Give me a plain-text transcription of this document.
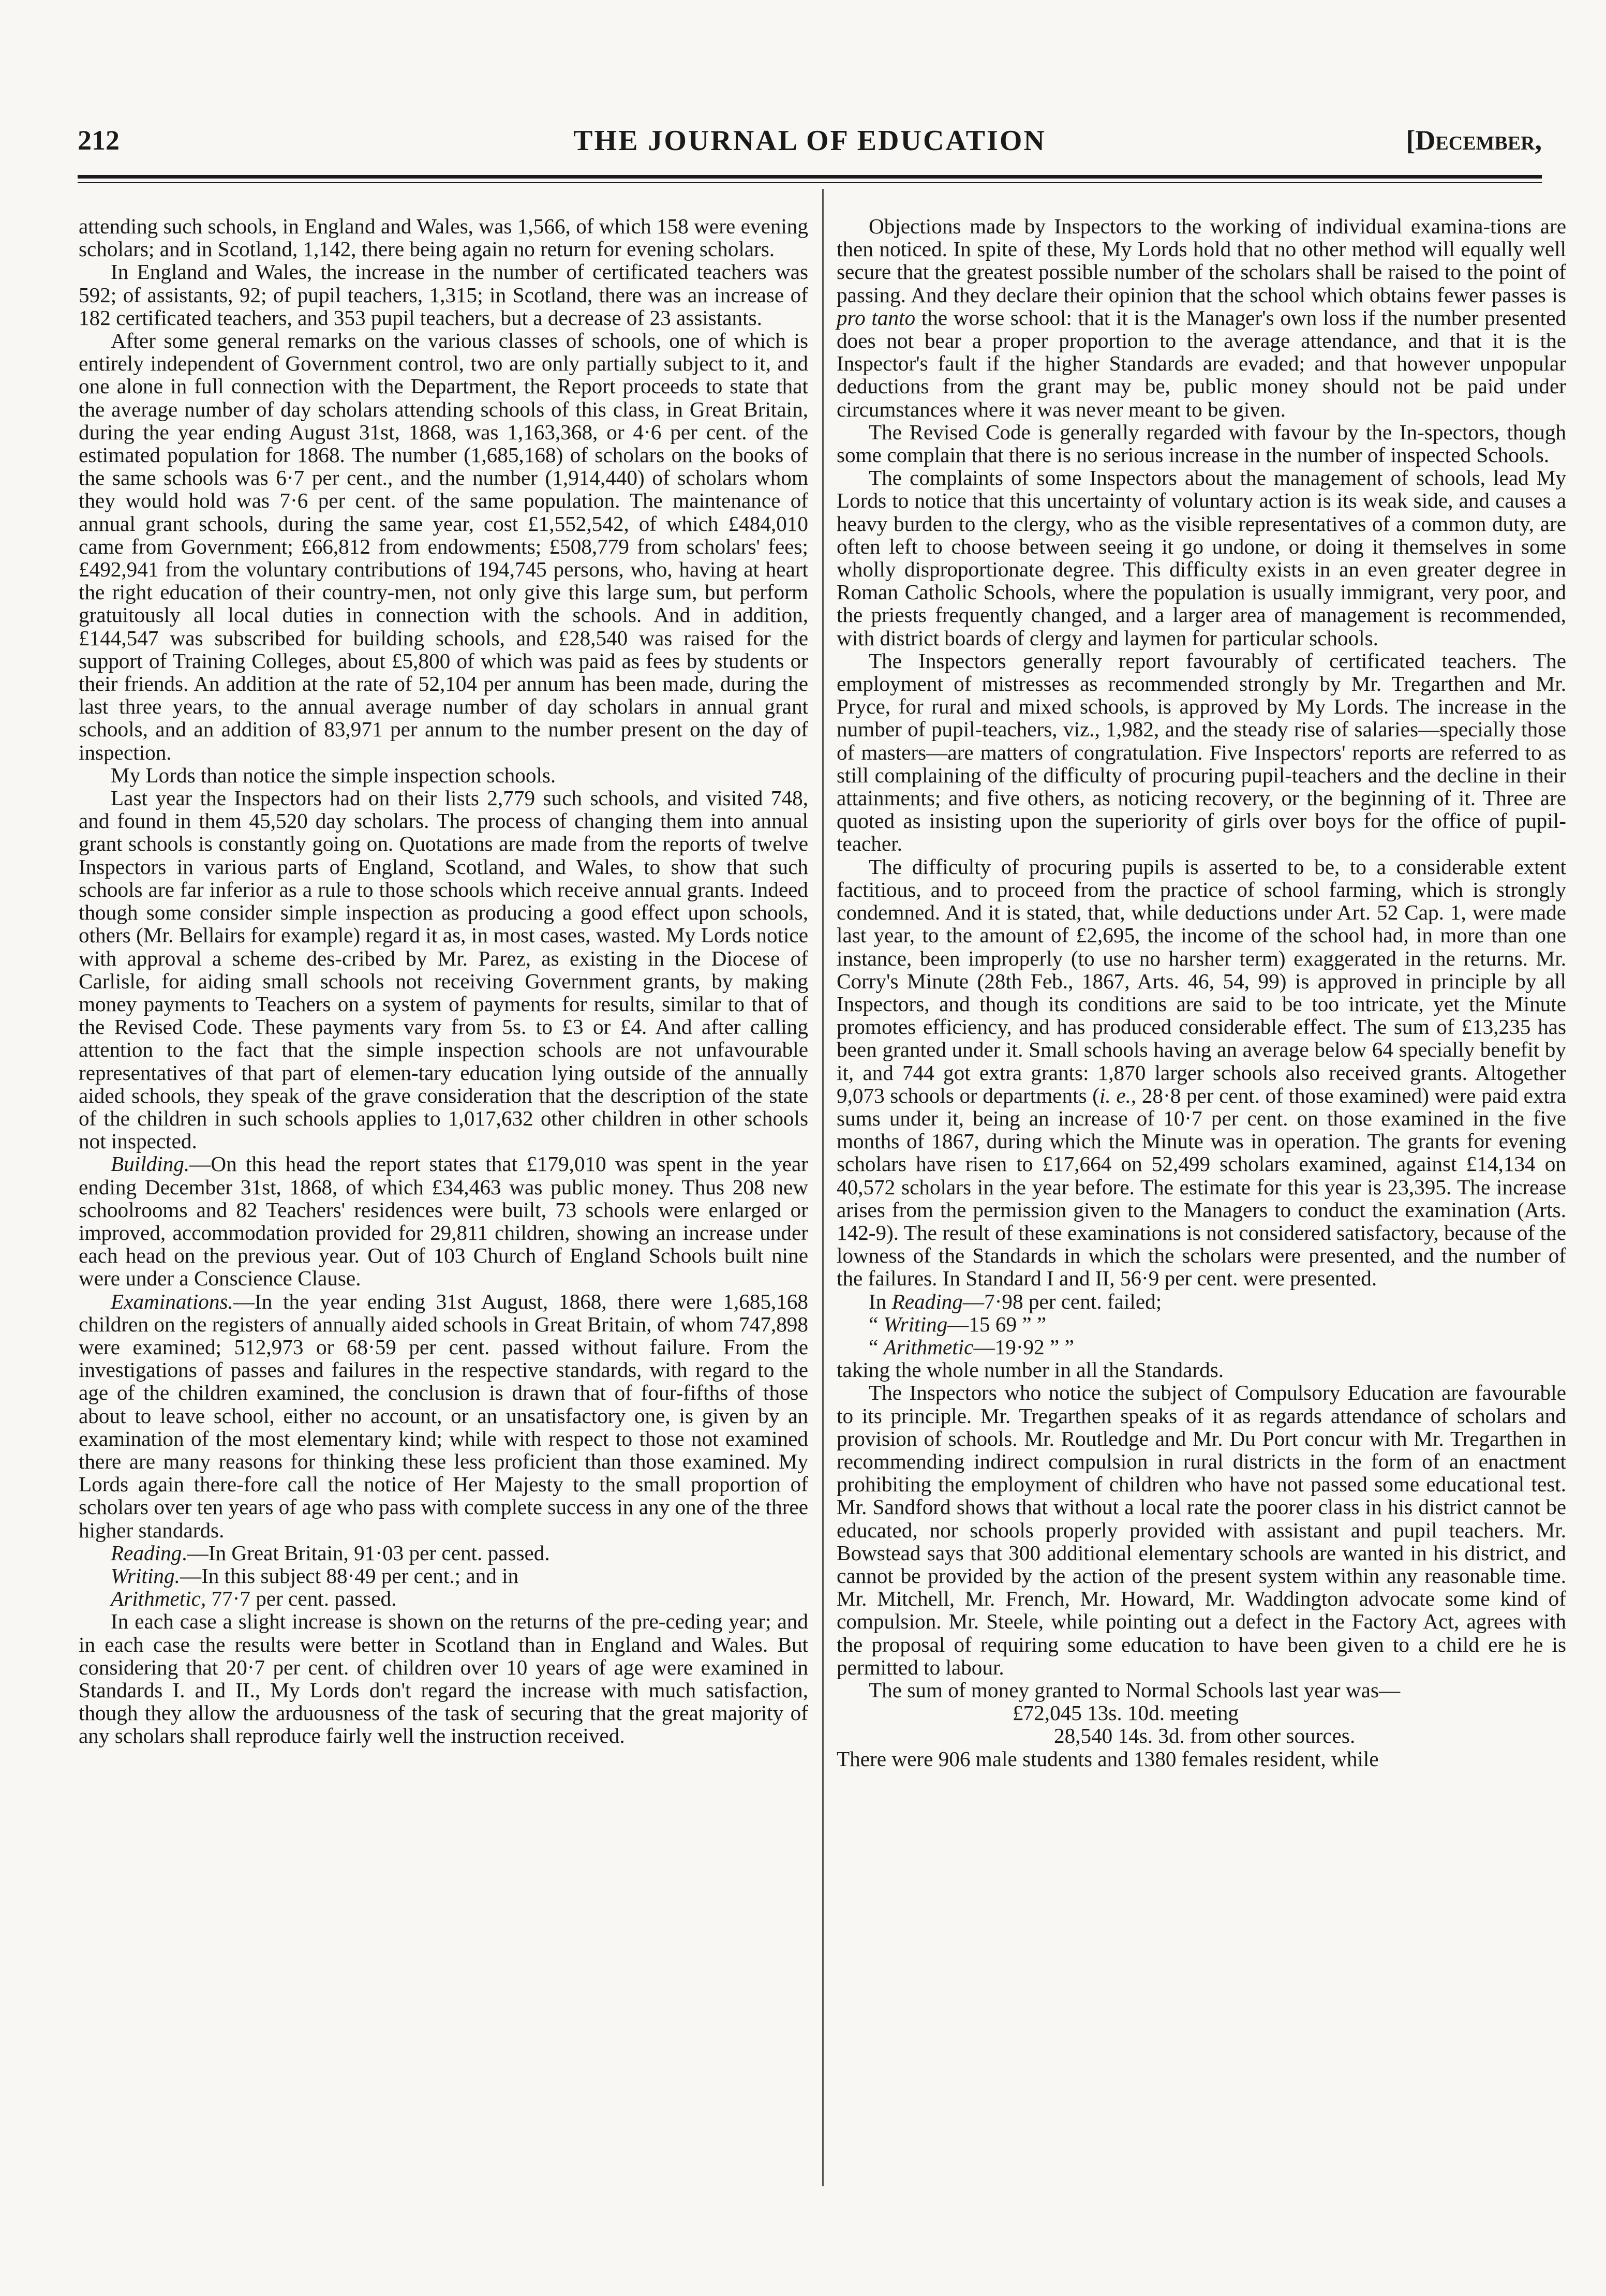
212	THE JOURNAL OF EDUCATION	[December,

attending such schools, in England and Wales, was 1,566, of which 158 were evening scholars; and in Scotland, 1,142, there being again no return for evening scholars.

In England and Wales, the increase in the number of certificated teachers was 592; of assistants, 92; of pupil teachers, 1,315; in Scotland, there was an increase of 182 certificated teachers, and 353 pupil teachers, but a decrease of 23 assistants.

After some general remarks on the various classes of schools, one of which is entirely independent of Government control, two are only partially subject to it, and one alone in full connection with the Department, the Report proceeds to state that the average number of day scholars attending schools of this class, in Great Britain, during the year ending August 31st, 1868, was 1,163,368, or 4·6 per cent. of the estimated population for 1868. The number (1,685,168) of scholars on the books of the same schools was 6·7 per cent., and the number (1,914,440) of scholars whom they would hold was 7·6 per cent. of the same population. The maintenance of annual grant schools, during the same year, cost £1,552,542, of which £484,010 came from Government; £66,812 from endowments; £508,779 from scholars' fees; £492,941 from the voluntary contributions of 194,745 persons, who, having at heart the right education of their country-men, not only give this large sum, but perform gratuitously all local duties in connection with the schools. And in addition, £144,547 was subscribed for building schools, and £28,540 was raised for the support of Training Colleges, about £5,800 of which was paid as fees by students or their friends. An addition at the rate of 52,104 per annum has been made, during the last three years, to the annual average number of day scholars in annual grant schools, and an addition of 83,971 per annum to the number present on the day of inspection.

My Lords than notice the simple inspection schools.

Last year the Inspectors had on their lists 2,779 such schools, and visited 748, and found in them 45,520 day scholars. The process of changing them into annual grant schools is constantly going on. Quotations are made from the reports of twelve Inspectors in various parts of England, Scotland, and Wales, to show that such schools are far inferior as a rule to those schools which receive annual grants. Indeed though some consider simple inspection as producing a good effect upon schools, others (Mr. Bellairs for example) regard it as, in most cases, wasted. My Lords notice with approval a scheme des-cribed by Mr. Parez, as existing in the Diocese of Carlisle, for aiding small schools not receiving Government grants, by making money payments to Teachers on a system of payments for results, similar to that of the Revised Code. These payments vary from 5s. to £3 or £4. And after calling attention to the fact that the simple inspection schools are not unfavourable representatives of that part of elemen-tary education lying outside of the annually aided schools, they speak of the grave consideration that the description of the state of the children in such schools applies to 1,017,632 other children in other schools not inspected.

Building.—On this head the report states that £179,010 was spent in the year ending December 31st, 1868, of which £34,463 was public money. Thus 208 new schoolrooms and 82 Teachers' residences were built, 73 schools were enlarged or improved, accommodation provided for 29,811 children, showing an increase under each head on the previous year. Out of 103 Church of England Schools built nine were under a Conscience Clause.

Examinations.—In the year ending 31st August, 1868, there were 1,685,168 children on the registers of annually aided schools in Great Britain, of whom 747,898 were examined; 512,973 or 68·59 per cent. passed without failure. From the investigations of passes and failures in the respective standards, with regard to the age of the children examined, the conclusion is drawn that of four-fifths of those about to leave school, either no account, or an unsatisfactory one, is given by an examination of the most elementary kind; while with respect to those not examined there are many reasons for thinking these less proficient than those examined. My Lords again there-fore call the notice of Her Majesty to the small proportion of scholars over ten years of age who pass with complete success in any one of the three higher standards.

Reading.—In Great Britain, 91·03 per cent. passed.

Writing.—In this subject 88·49 per cent.; and in

Arithmetic, 77·7 per cent. passed.

In each case a slight increase is shown on the returns of the pre-ceding year; and in each case the results were better in Scotland than in England and Wales. But considering that 20·7 per cent. of children over 10 years of age were examined in Standards I. and II., My Lords don't regard the increase with much satisfaction, though they allow the arduousness of the task of securing that the great majority of any scholars shall reproduce fairly well the instruction received.

Objections made by Inspectors to the working of individual examina-tions are then noticed. In spite of these, My Lords hold that no other method will equally well secure that the greatest possible number of the scholars shall be raised to the point of passing. And they declare their opinion that the school which obtains fewer passes is pro tanto the worse school: that it is the Manager's own loss if the number presented does not bear a proper proportion to the average attendance, and that it is the Inspector's fault if the higher Standards are evaded; and that however unpopular deductions from the grant may be, public money should not be paid under circumstances where it was never meant to be given.

The Revised Code is generally regarded with favour by the In-spectors, though some complain that there is no serious increase in the number of inspected Schools.

The complaints of some Inspectors about the management of schools, lead My Lords to notice that this uncertainty of voluntary action is its weak side, and causes a heavy burden to the clergy, who as the visible representatives of a common duty, are often left to choose between seeing it go undone, or doing it themselves in some wholly disproportionate degree. This difficulty exists in an even greater degree in Roman Catholic Schools, where the population is usually immigrant, very poor, and the priests frequently changed, and a larger area of management is recommended, with district boards of clergy and laymen for particular schools.

The Inspectors generally report favourably of certificated teachers. The employment of mistresses as recommended strongly by Mr. Tregarthen and Mr. Pryce, for rural and mixed schools, is approved by My Lords. The increase in the number of pupil-teachers, viz., 1,982, and the steady rise of salaries—specially those of masters—are matters of congratulation. Five Inspectors' reports are referred to as still complaining of the difficulty of procuring pupil-teachers and the decline in their attainments; and five others, as noticing recovery, or the beginning of it. Three are quoted as insisting upon the superiority of girls over boys for the office of pupil-teacher.

The difficulty of procuring pupils is asserted to be, to a considerable extent factitious, and to proceed from the practice of school farming, which is strongly condemned. And it is stated, that, while deductions under Art. 52 Cap. 1, were made last year, to the amount of £2,695, the income of the school had, in more than one instance, been improperly (to use no harsher term) exaggerated in the returns. Mr. Corry's Minute (28th Feb., 1867, Arts. 46, 54, 99) is approved in principle by all Inspectors, and though its conditions are said to be too intricate, yet the Minute promotes efficiency, and has produced considerable effect. The sum of £13,235 has been granted under it. Small schools having an average below 64 specially benefit by it, and 744 got extra grants: 1,870 larger schools also received grants. Altogether 9,073 schools or departments (i. e., 28·8 per cent. of those examined) were paid extra sums under it, being an increase of 10·7 per cent. on those examined in the five months of 1867, during which the Minute was in operation. The grants for evening scholars have risen to £17,664 on 52,499 scholars examined, against £14,134 on 40,572 scholars in the year before. The estimate for this year is 23,395. The increase arises from the permission given to the Managers to conduct the examination (Arts. 142-9). The result of these examinations is not considered satisfactory, because of the lowness of the Standards in which the scholars were presented, and the number of the failures. In Standard I and II, 56·9 per cent. were presented.

In Reading—7·98 per cent. failed;

“ Writing—15 69 ” ”

“ Arithmetic—19·92 ” ”

taking the whole number in all the Standards.

The Inspectors who notice the subject of Compulsory Education are favourable to its principle. Mr. Tregarthen speaks of it as regards attendance of scholars and provision of schools. Mr. Routledge and Mr. Du Port concur with Mr. Tregarthen in recommending indirect compulsion in rural districts in the form of an enactment prohibiting the employment of children who have not passed some educational test. Mr. Sandford shows that without a local rate the poorer class in his district cannot be educated, nor schools properly provided with assistant and pupil teachers. Mr. Bowstead says that 300 additional elementary schools are wanted in his district, and cannot be provided by the action of the present system within any reasonable time. Mr. Mitchell, Mr. French, Mr. Howard, Mr. Waddington advocate some kind of compulsion. Mr. Steele, while pointing out a defect in the Factory Act, agrees with the proposal of requiring some education to have been given to a child ere he is permitted to labour.

The sum of money granted to Normal Schools last year was—

£72,045 13s. 10d. meeting

28,540 14s. 3d. from other sources.

There were 906 male students and 1380 females resident, while
